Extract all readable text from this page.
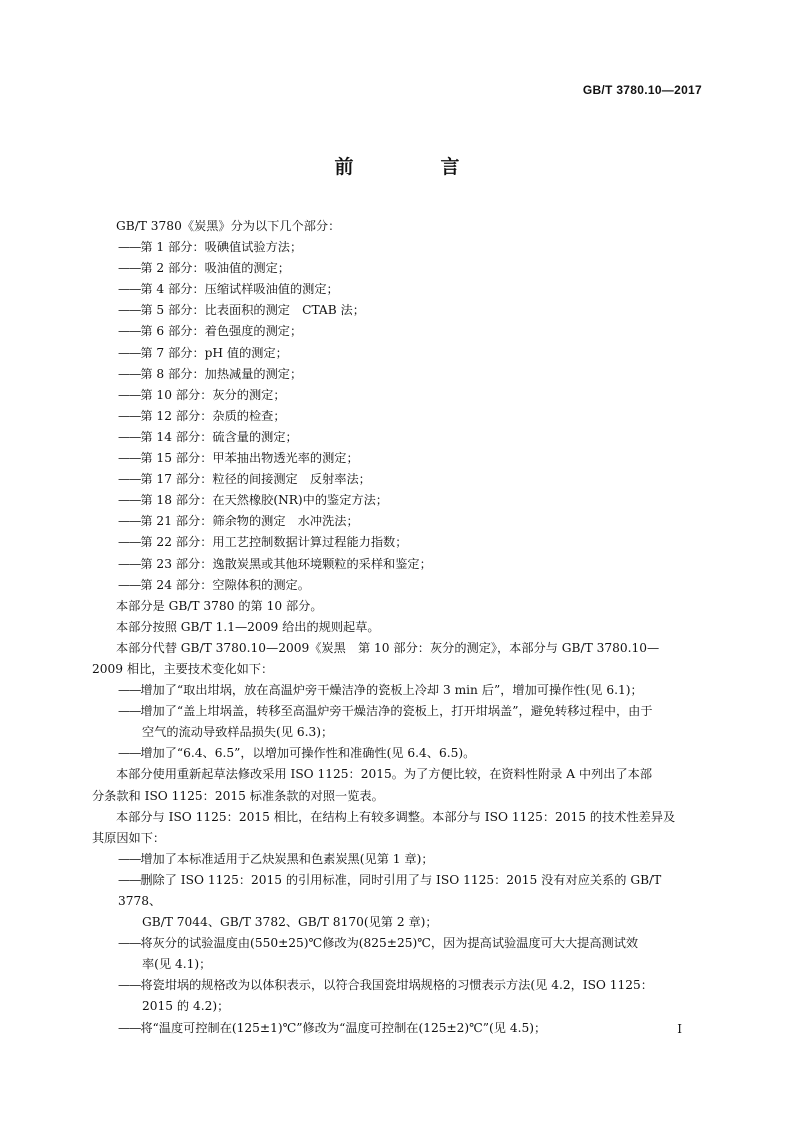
GB/T 3780.10—2017
前　言
GB/T 3780《炭黑》分为以下几个部分：
—— 第 1 部分：吸碘值试验方法；
—— 第 2 部分：吸油值的测定；
—— 第 4 部分：压缩试样吸油值的测定；
—— 第 5 部分：比表面积的测定　CTAB 法；
—— 第 6 部分：着色强度的测定；
—— 第 7 部分：pH 值的测定；
—— 第 8 部分：加热减量的测定；
—— 第 10 部分：灰分的测定；
—— 第 12 部分：杂质的检查；
—— 第 14 部分：硫含量的测定；
—— 第 15 部分：甲苯抽出物透光率的测定；
—— 第 17 部分：粒径的间接测定　反射率法；
—— 第 18 部分：在天然橡胶(NR)中的鉴定方法；
—— 第 21 部分：筛余物的测定　水冲洗法；
—— 第 22 部分：用工艺控制数据计算过程能力指数；
—— 第 23 部分：逸散炭黑或其他环境颗粒的采样和鉴定；
—— 第 24 部分：空隙体积的测定。
本部分是 GB/T 3780 的第 10 部分。
本部分按照 GB/T 1.1—2009 给出的规则起草。
本部分代替 GB/T 3780.10—2009《炭黑　第 10 部分：灰分的测定》，本部分与 GB/T 3780.10—
2009 相比，主要技术变化如下：
—— 增加了“取出坩埚，放在高温炉旁干燥洁净的瓷板上冷却 3 min 后”，增加可操作性(见 6.1)；
—— 增加了“盖上坩埚盖，转移至高温炉旁干燥洁净的瓷板上，打开坩埚盖”，避免转移过程中，由于
空气的流动导致样品损失(见 6.3)；
—— 增加了“6.4、6.5”，以增加可操作性和准确性(见 6.4、6.5)。
本部分使用重新起草法修改采用 ISO 1125：2015。为了方便比较，在资料性附录 A 中列出了本部
分条款和 ISO 1125：2015 标准条款的对照一览表。
本部分与 ISO 1125：2015 相比，在结构上有较多调整。本部分与 ISO 1125：2015 的技术性差异及
其原因如下：
—— 增加了本标准适用于乙炔炭黑和色素炭黑(见第 1 章)；
—— 删除了 ISO 1125：2015 的引用标准，同时引用了与 ISO 1125：2015 没有对应关系的 GB/T 3778、
GB/T 7044、GB/T 3782、GB/T 8170(见第 2 章)；
—— 将灰分的试验温度由(550±25)℃修改为(825±25)℃，因为提高试验温度可大大提高测试效
率(见 4.1)；
—— 将瓷坩埚的规格改为以体积表示，以符合我国瓷坩埚规格的习惯表示方法(见 4.2，ISO 1125：
2015 的 4.2)；
—— 将“温度可控制在(125±1)℃”修改为“温度可控制在(125±2)℃”(见 4.5)；	I
